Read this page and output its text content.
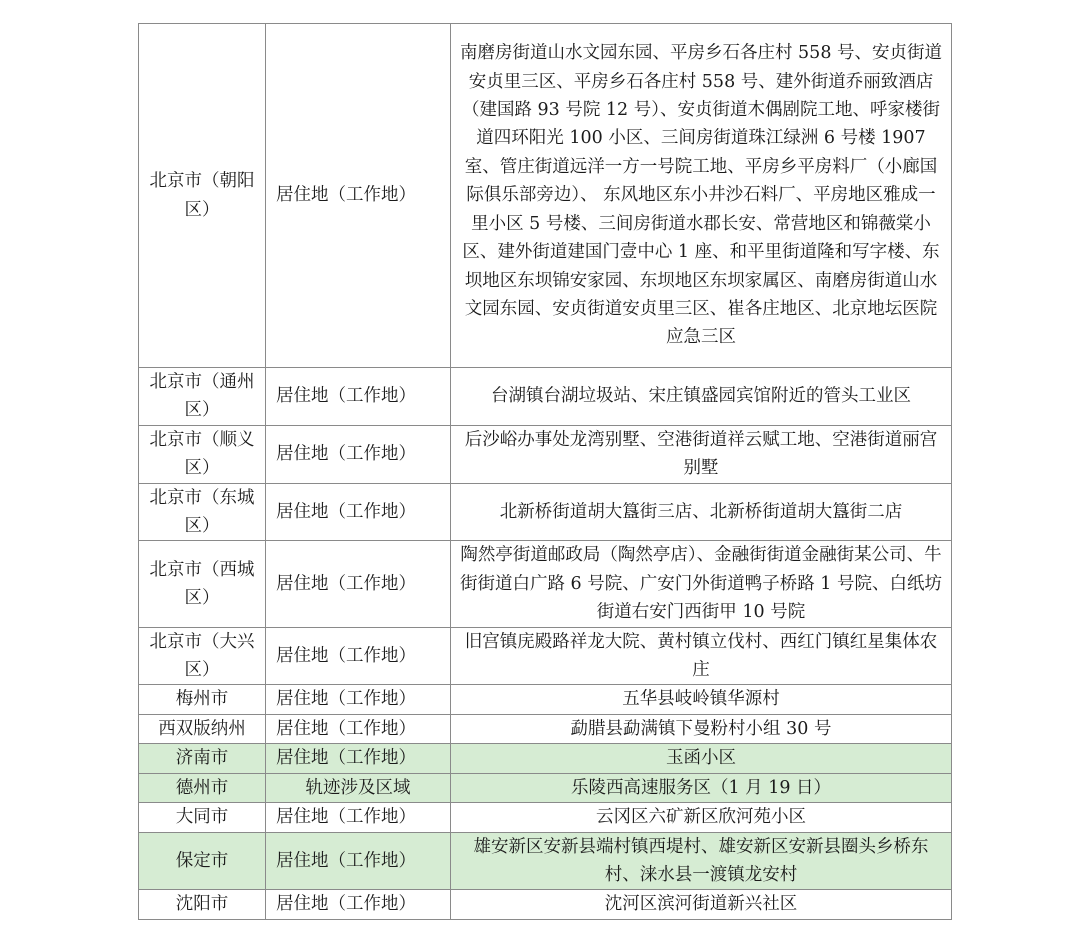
北京市（朝阳区）	居住地（工作地）	南磨房街道山水文园东园、平房乡石各庄村 558 号、安贞街道安贞里三区、平房乡石各庄村 558 号、建外街道乔丽致酒店（建国路 93 号院 12 号）、安贞街道木偶剧院工地、呼家楼街道四环阳光 100 小区、三间房街道珠江绿洲 6 号楼 1907 室、管庄街道远洋一方一号院工地、平房乡平房料厂（小廊国际俱乐部旁边）、 东风地区东小井沙石料厂、平房地区雅成一里小区 5 号楼、三间房街道水郡长安、常营地区和锦薇棠小区、建外街道建国门壹中心 1 座、和平里街道隆和写字楼、东坝地区东坝锦安家园、东坝地区东坝家属区、南磨房街道山水文园东园、安贞街道安贞里三区、崔各庄地区、北京地坛医院应急三区
北京市（通州区）	居住地（工作地）	台湖镇台湖垃圾站、宋庄镇盛园宾馆附近的管头工业区
北京市（顺义区）	居住地（工作地）	后沙峪办事处龙湾别墅、空港街道祥云赋工地、空港街道丽宫别墅
北京市（东城区）	居住地（工作地）	北新桥街道胡大簋街三店、北新桥街道胡大簋街二店
北京市（西城区）	居住地（工作地）	陶然亭街道邮政局（陶然亭店）、金融街街道金融街某公司、牛街街道白广路 6 号院、广安门外街道鸭子桥路 1 号院、白纸坊街道右安门西街甲 10 号院
北京市（大兴区）	居住地（工作地）	旧宫镇庑殿路祥龙大院、黄村镇立伐村、西红门镇红星集体农庄
梅州市	居住地（工作地）	五华县岐岭镇华源村
西双版纳州	居住地（工作地）	勐腊县勐满镇下曼粉村小组 30 号
济南市	居住地（工作地）	玉函小区
德州市	轨迹涉及区域	乐陵西高速服务区（1 月 19 日）
大同市	居住地（工作地）	云冈区六矿新区欣河苑小区
保定市	居住地（工作地）	雄安新区安新县端村镇西堤村、雄安新区安新县圈头乡桥东村、涞水县一渡镇龙安村
沈阳市	居住地（工作地）	沈河区滨河街道新兴社区
